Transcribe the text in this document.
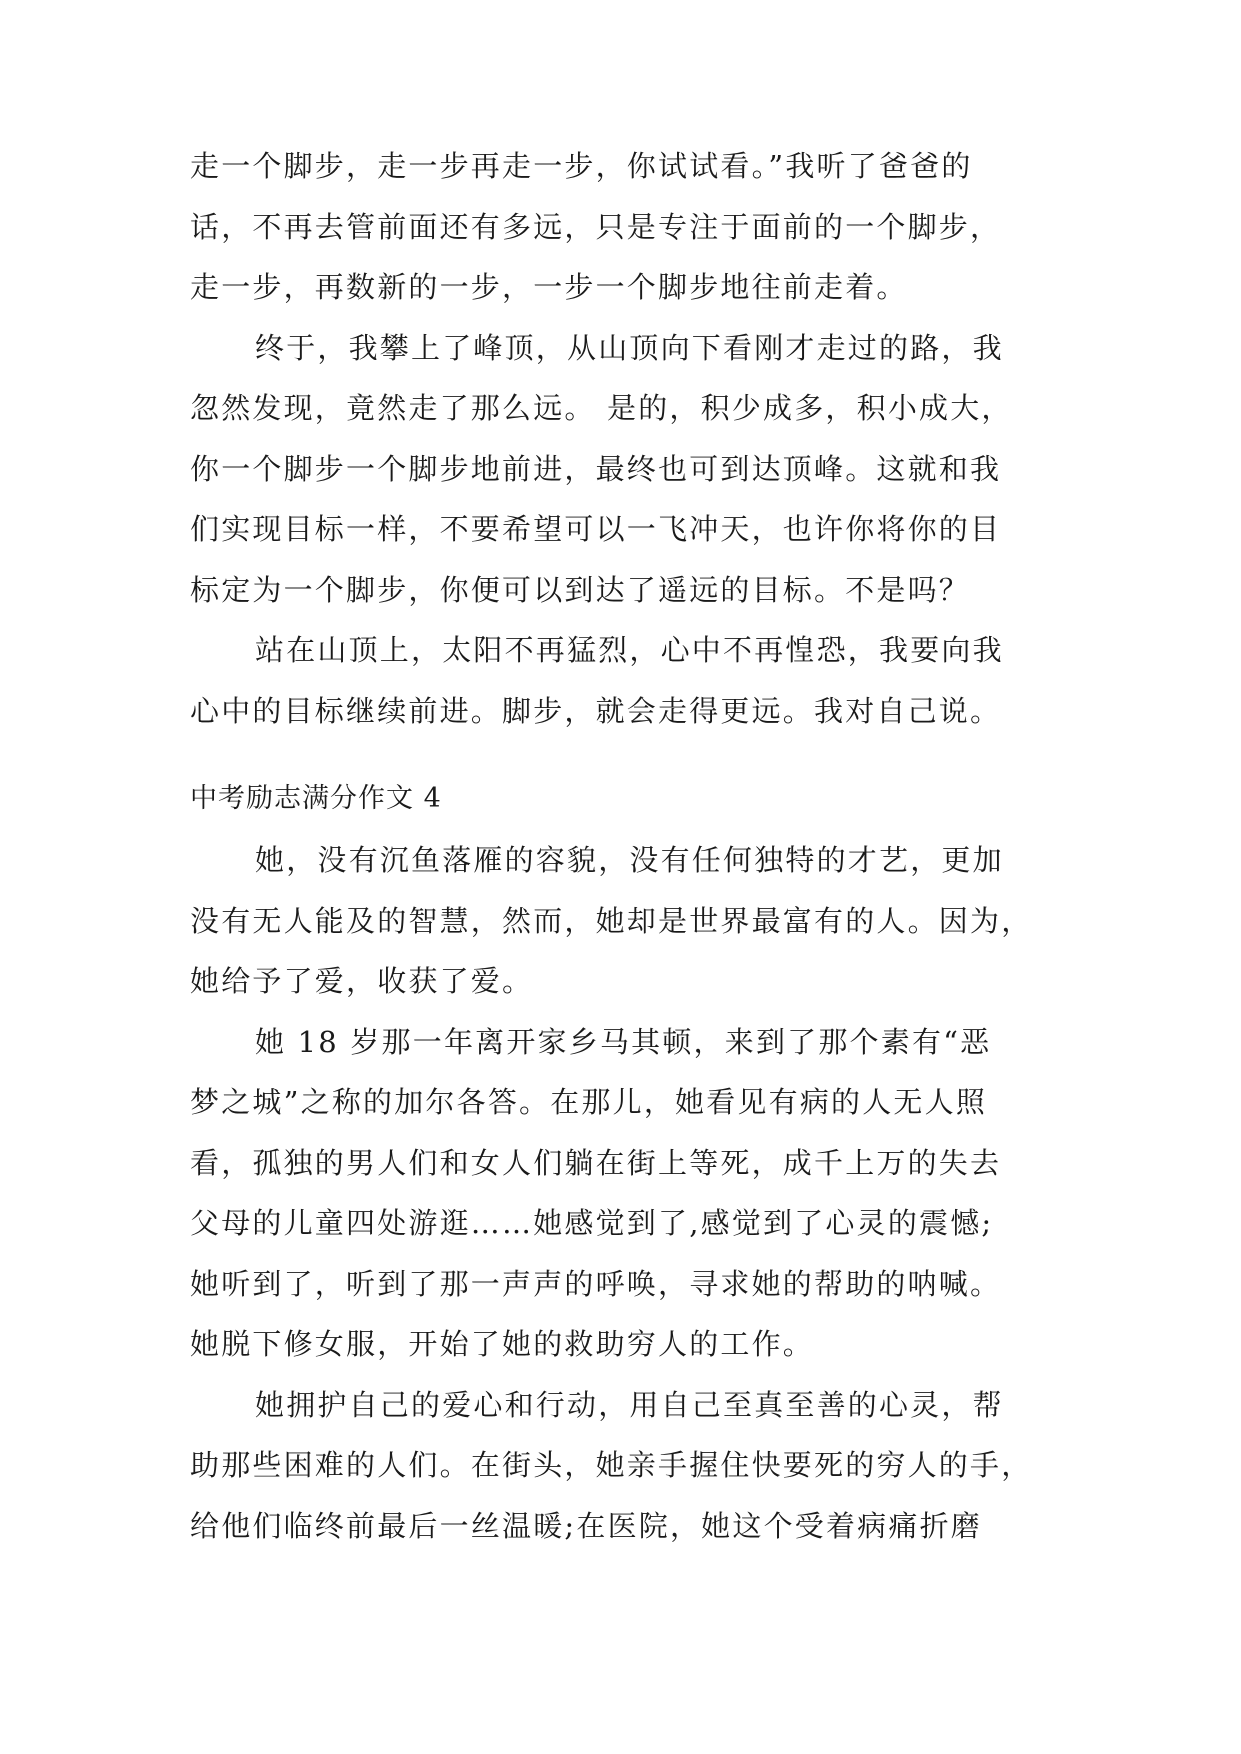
走一个脚步，走一步再走一步，你试试看。”我听了爸爸的
话，不再去管前面还有多远，只是专注于面前的一个脚步，
走一步，再数新的一步，一步一个脚步地往前走着。
终于，我攀上了峰顶，从山顶向下看刚才走过的路，我
忽然发现，竟然走了那么远。 是的，积少成多，积小成大，
你一个脚步一个脚步地前进，最终也可到达顶峰。这就和我
们实现目标一样，不要希望可以一飞冲天，也许你将你的目
标定为一个脚步，你便可以到达了遥远的目标。不是吗？
站在山顶上，太阳不再猛烈，心中不再惶恐，我要向我
心中的目标继续前进。脚步，就会走得更远。我对自己说。
中考励志满分作文 4
她，没有沉鱼落雁的容貌，没有任何独特的才艺，更加
没有无人能及的智慧，然而，她却是世界最富有的人。因为，
她给予了爱，收获了爱。
她 18 岁那一年离开家乡马其顿，来到了那个素有“恶
梦之城”之称的加尔各答。在那儿，她看见有病的人无人照
看，孤独的男人们和女人们躺在街上等死，成千上万的失去
父母的儿童四处游逛……她感觉到了,感觉到了心灵的震憾;
她听到了，听到了那一声声的呼唤，寻求她的帮助的呐喊。
她脱下修女服，开始了她的救助穷人的工作。
她拥护自己的爱心和行动，用自己至真至善的心灵，帮
助那些困难的人们。在街头，她亲手握住快要死的穷人的手，
给他们临终前最后一丝温暖;在医院，她这个受着病痛折磨
